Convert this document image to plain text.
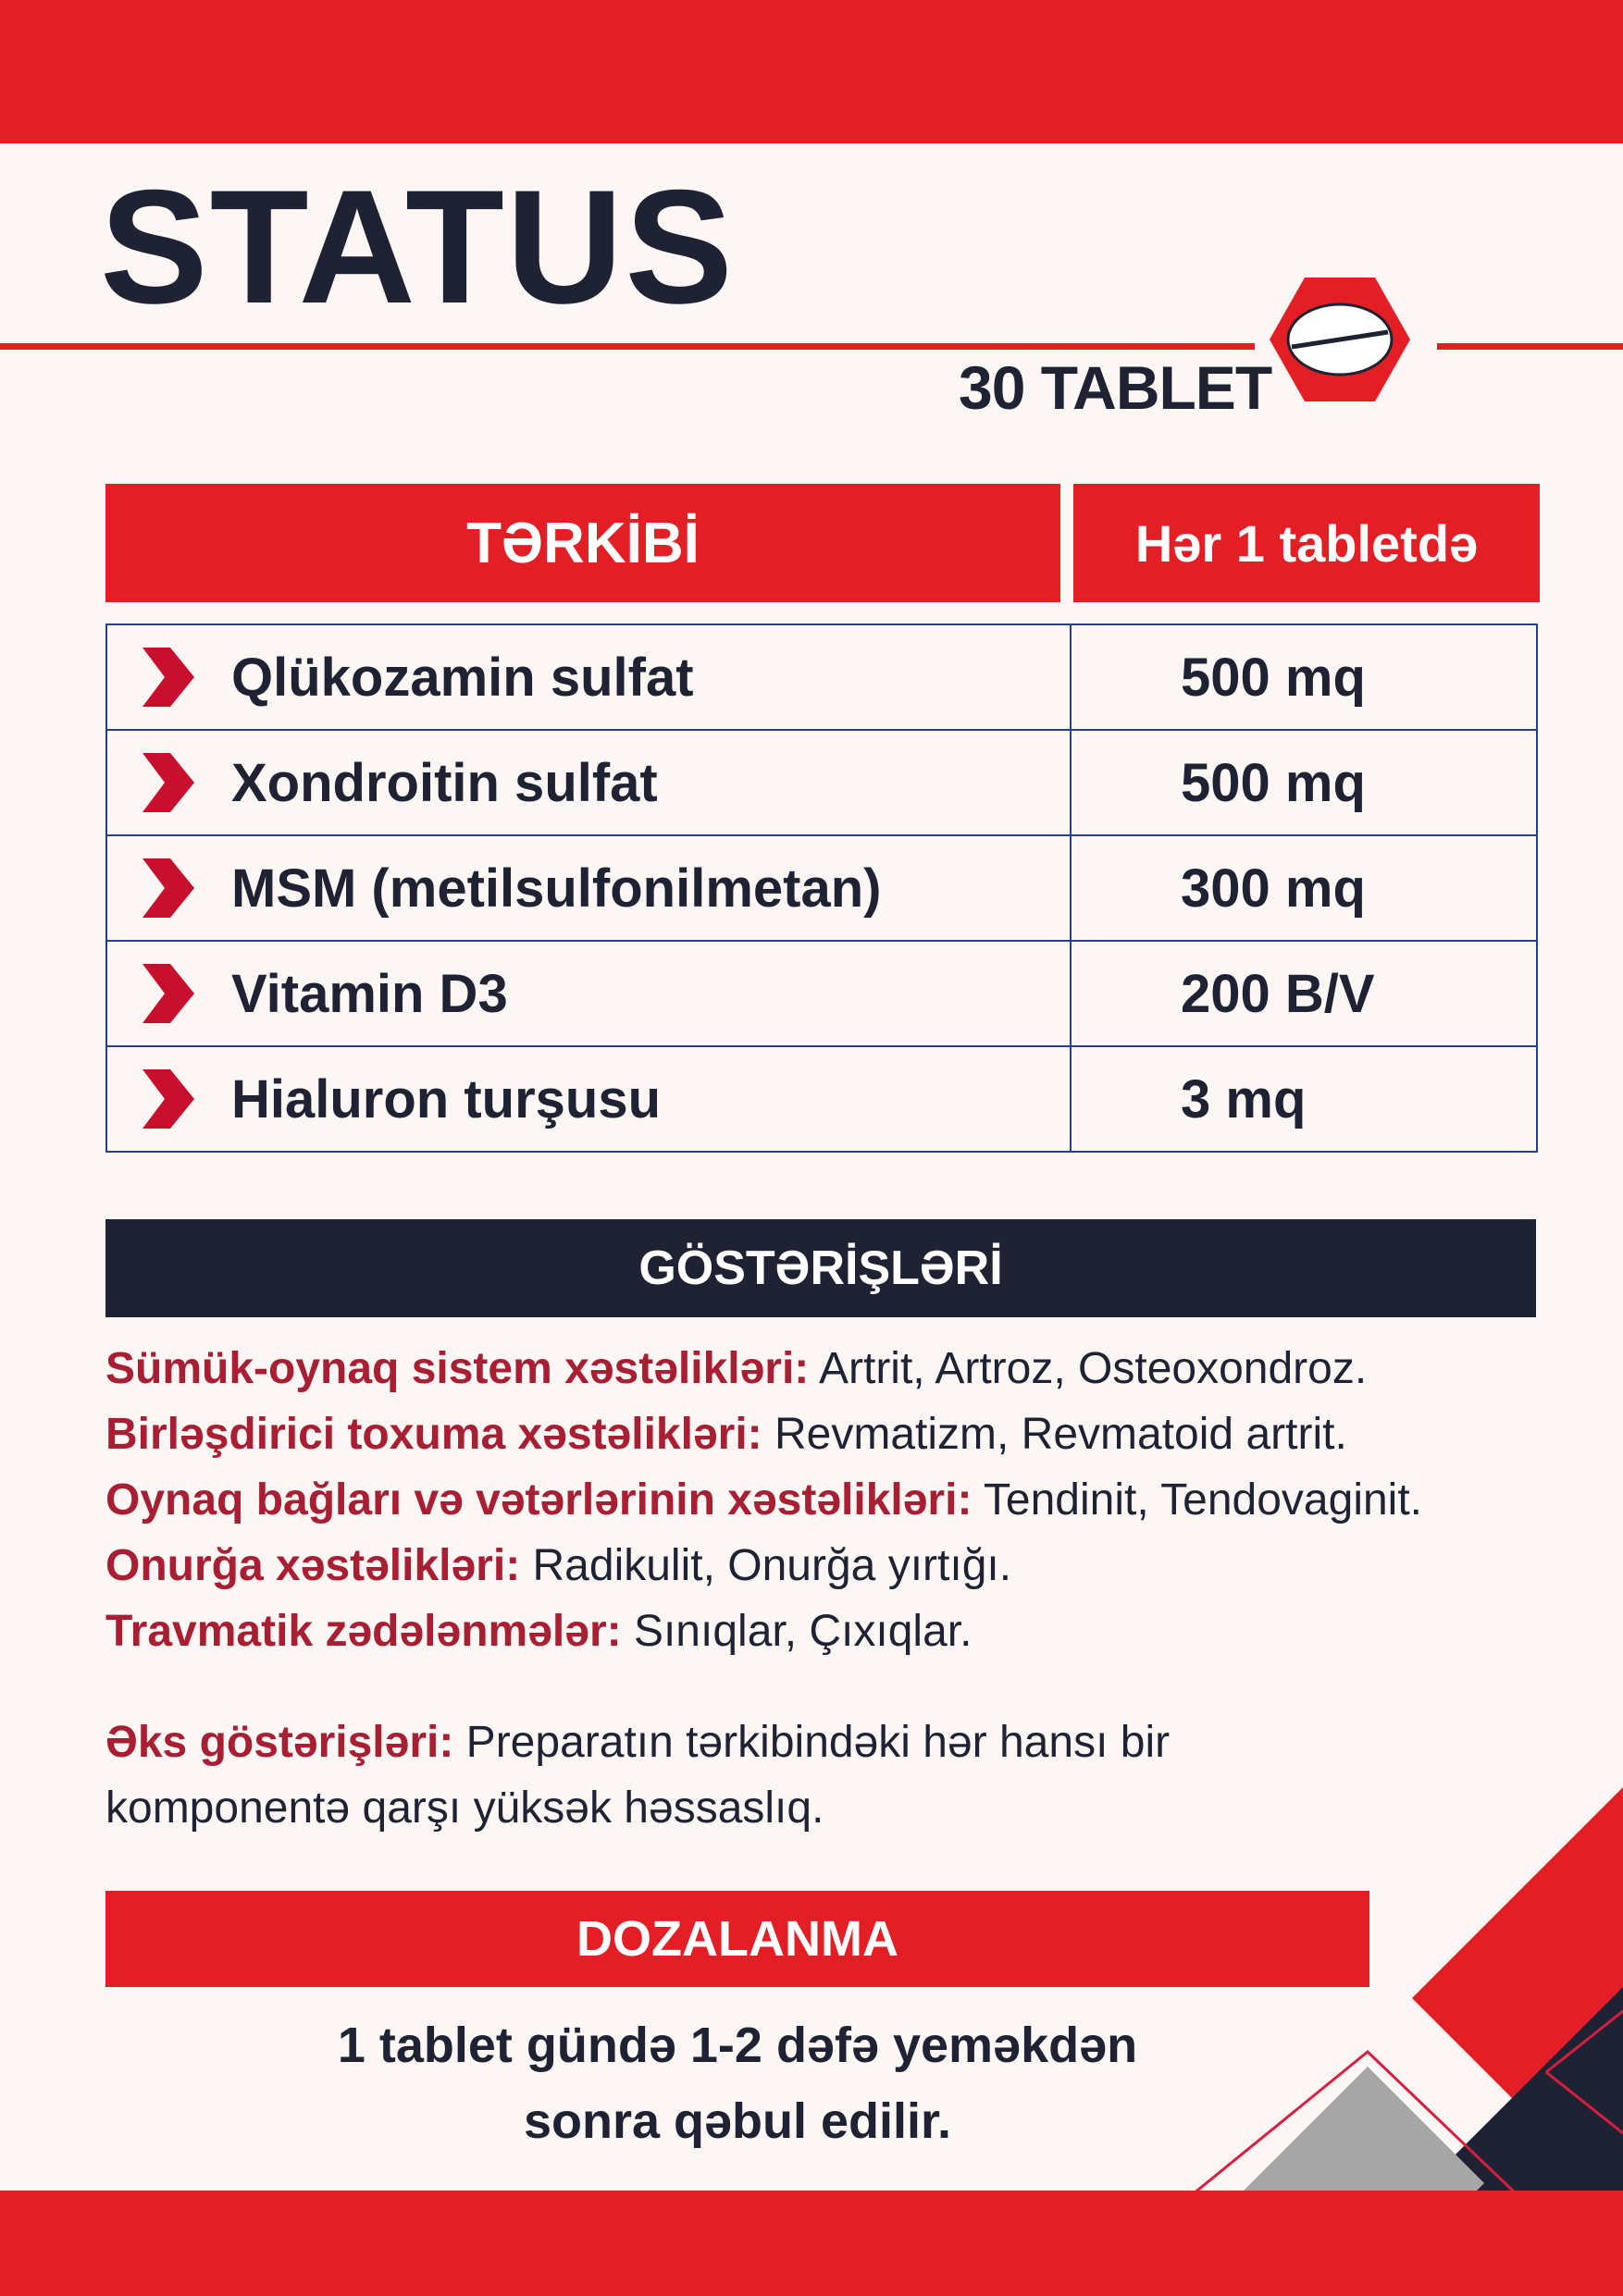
STATUS
30 TABLET
TƏRKİBİ	Hər 1 tabletdə
Qlükozamin sulfat	500 mq

Xondroitin sulfat	500 mq

MSM (metilsulfonilmetan)	300 mq

Vitamin D3	200 B/V

Hialuron turşusu	3 mq
GÖSTƏRİŞLƏRİ
Sümük-oynaq sistem xəstəlikləri: Artrit, Artroz, Osteoxondroz.
Birləşdirici toxuma xəstəlikləri: Revmatizm, Revmatoid artrit.
Oynaq bağları və vətərlərinin xəstəlikləri: Tendinit, Tendovaginit.
Onurğa xəstəlikləri: Radikulit, Onurğa yırtığı.
Travmatik zədələnmələr: Sınıqlar, Çıxıqlar.
Əks göstərişləri: Preparatın tərkibindəki hər hansı bir komponentə qarşı yüksək həssaslıq.
DOZALANMA
1 tablet gündə 1-2 dəfə yeməkdən
sonra qəbul edilir.
